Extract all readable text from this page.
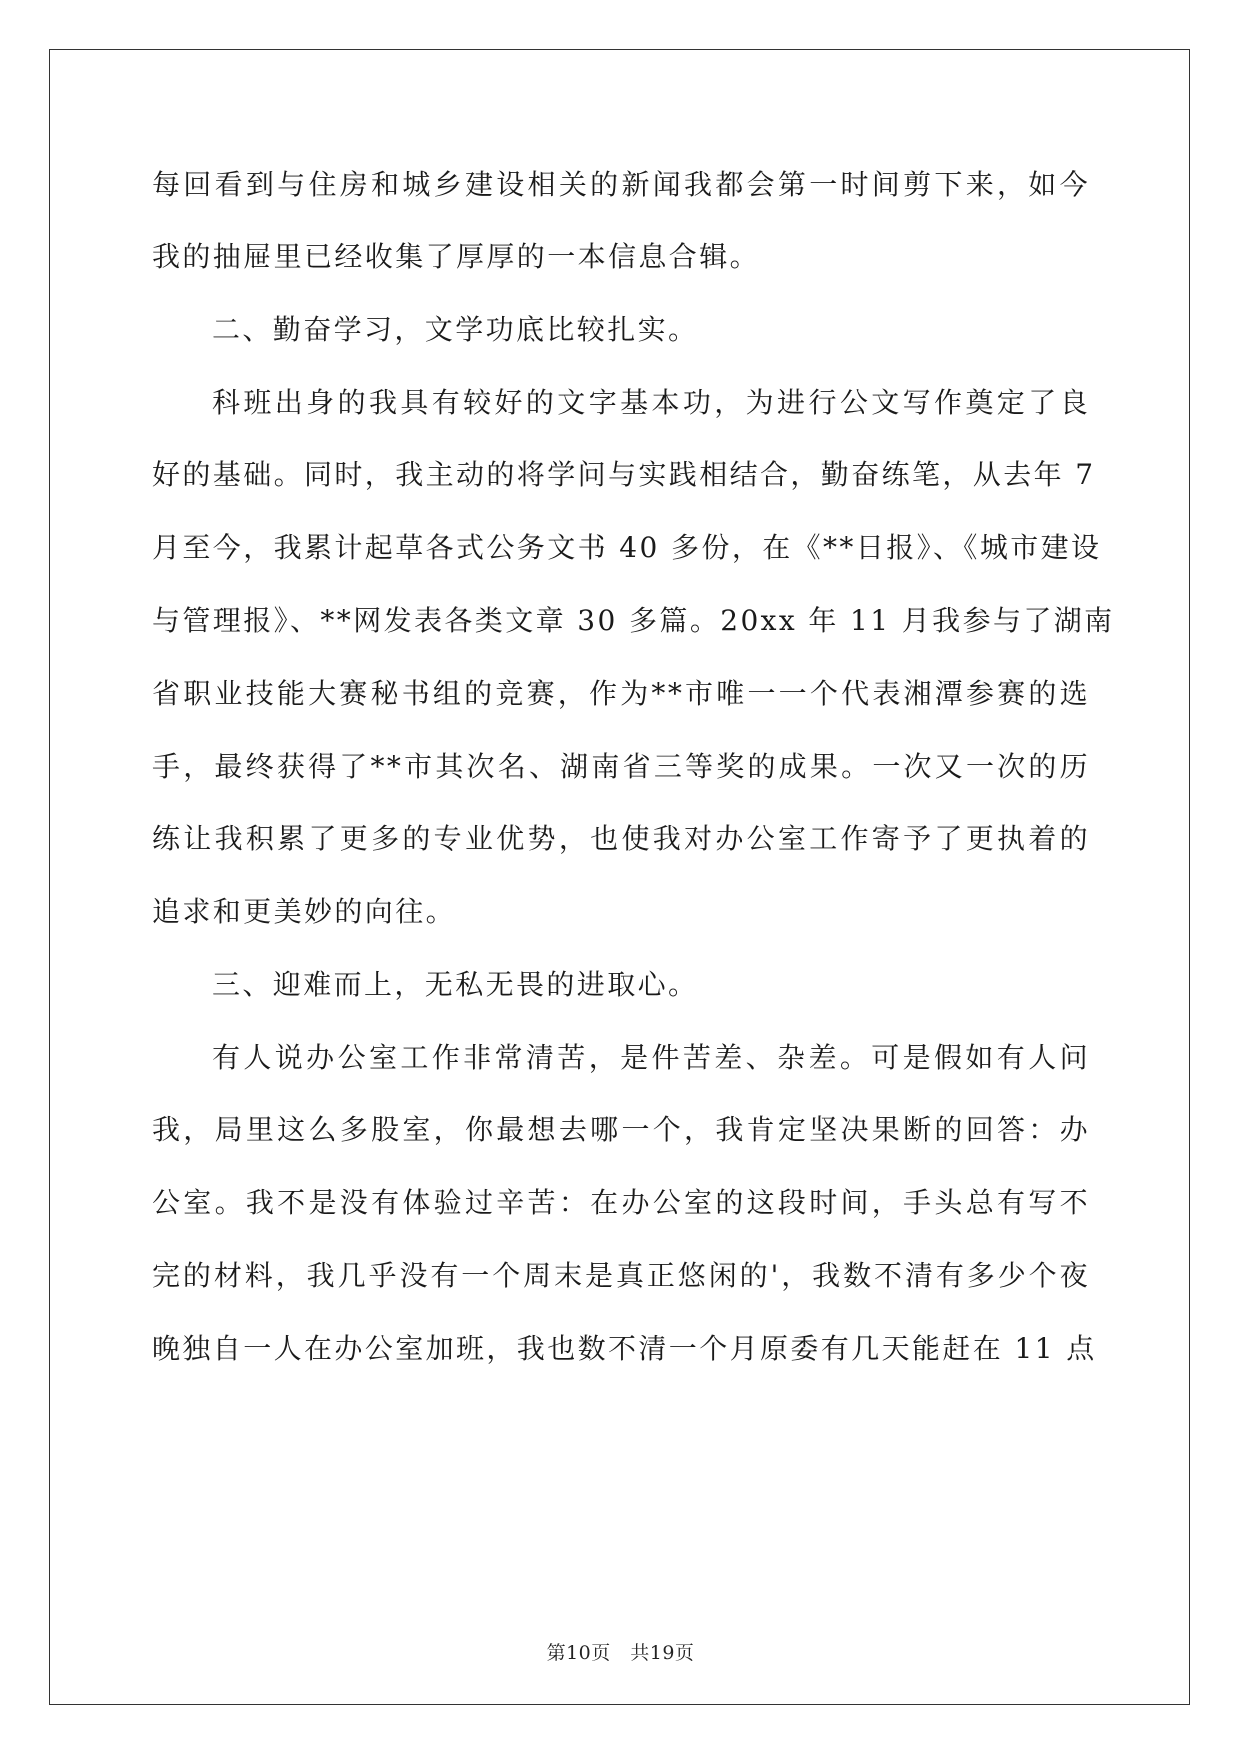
每回看到与住房和城乡建设相关的新闻我都会第一时间剪下来，如今
我的抽屉里已经收集了厚厚的一本信息合辑。
二、勤奋学习，文学功底比较扎实。
科班出身的我具有较好的文字基本功，为进行公文写作奠定了良
好的基础。同时，我主动的将学问与实践相结合，勤奋练笔，从去年 7
月至今，我累计起草各式公务文书 40 多份，在《**日报》、《城市建设
与管理报》、**网发表各类文章 30 多篇。20xx 年 11 月我参与了湖南
省职业技能大赛秘书组的竞赛，作为**市唯一一个代表湘潭参赛的选
手，最终获得了**市其次名、湖南省三等奖的成果。一次又一次的历
练让我积累了更多的专业优势，也使我对办公室工作寄予了更执着的
追求和更美妙的向往。
三、迎难而上，无私无畏的进取心。
有人说办公室工作非常清苦，是件苦差、杂差。可是假如有人问
我，局里这么多股室，你最想去哪一个，我肯定坚决果断的回答：办
公室。我不是没有体验过辛苦：在办公室的这段时间，手头总有写不
完的材料，我几乎没有一个周末是真正悠闲的'，我数不清有多少个夜
晚独自一人在办公室加班，我也数不清一个月原委有几天能赶在 11 点
第10页　共19页
